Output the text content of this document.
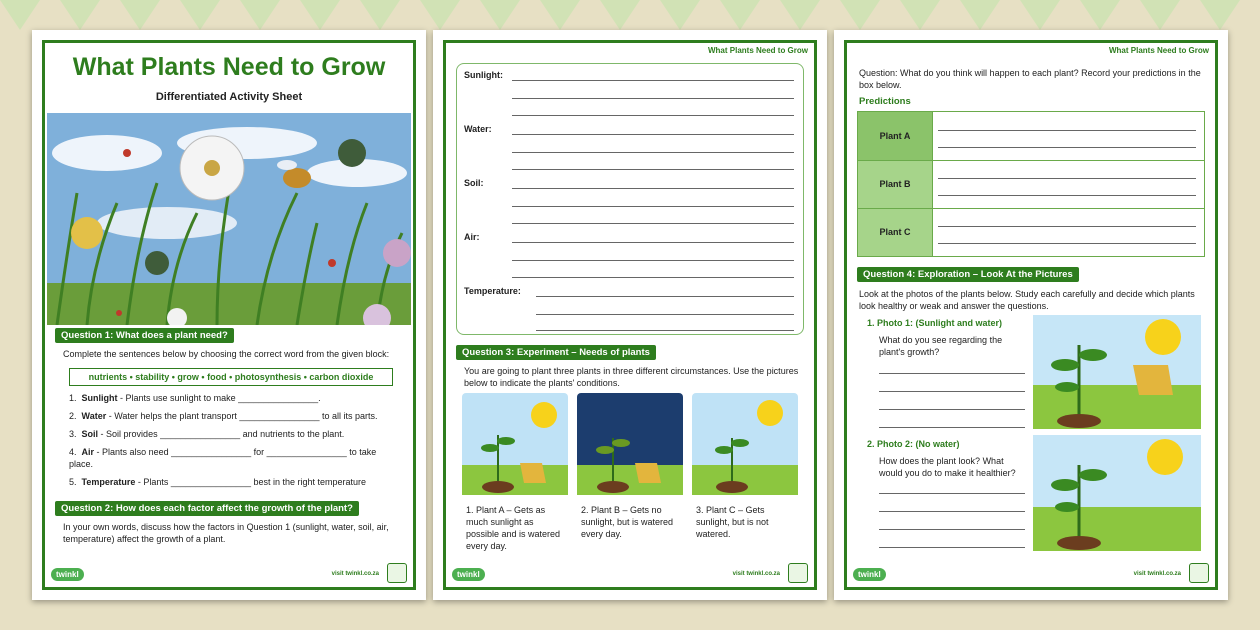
What Plants Need to Grow
Differentiated Activity Sheet
Question 1: What does a plant need?
Complete the sentences below by choosing the correct word from the given block:
nutrients • stability • grow • food • photosynthesis • carbon dioxide
1. Sunlight - Plants use sunlight to make ________________.
2. Water - Water helps the plant transport ________________ to all its parts.
3. Soil - Soil provides ________________ and nutrients to the plant.
4. Air - Plants also need ________________ for ________________ to take place.
5. Temperature - Plants ________________ best in the right temperature
Question 2: How does each factor affect the growth of the plant?
In your own words, discuss how the factors in Question 1 (sunlight, water, soil, air, temperature) affect the growth of a plant.
twinkl	visit twinkl.co.za
What Plants Need to Grow
Sunlight:
Water:
Soil:
Air:
Temperature:
Question 3: Experiment – Needs of plants
You are going to plant three plants in three different circumstances. Use the pictures below to indicate the plants' conditions.
1. Plant A – Gets as much sunlight as possible and is watered every day.
2. Plant B – Gets no sunlight, but is watered every day.
3. Plant C – Gets sunlight, but is not watered.
twinkl	visit twinkl.co.za
What Plants Need to Grow
Question: What do you think will happen to each plant? Record your predictions in the box below.
Predictions
Plant A
Plant B
Plant C
Question 4: Exploration – Look At the Pictures
Look at the photos of the plants below. Study each carefully and decide which plants look healthy or weak and answer the questions.
1. Photo 1: (Sunlight and water)
What do you see regarding the plant's growth?
2. Photo 2: (No water)
How does the plant look? What would you do to make it healthier?
twinkl	visit twinkl.co.za
